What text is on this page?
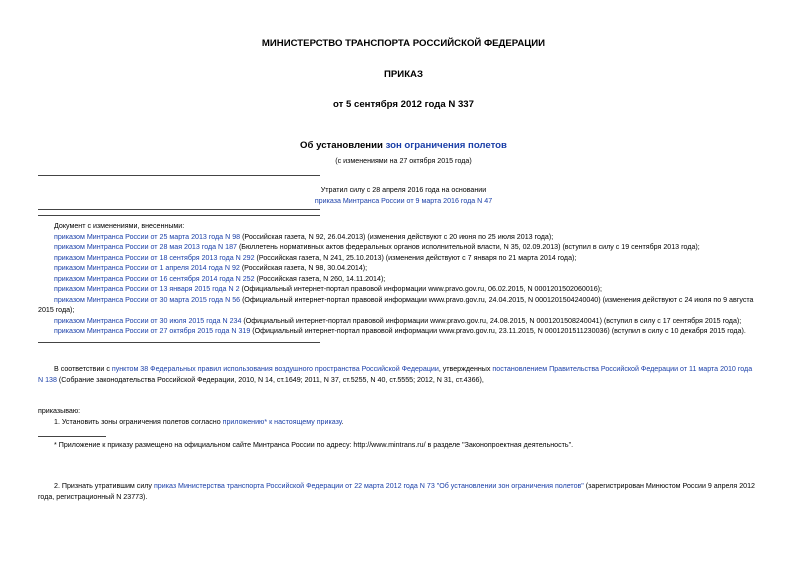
МИНИСТЕРСТВО ТРАНСПОРТА РОССИЙСКОЙ ФЕДЕРАЦИИ
ПРИКАЗ
от 5 сентября 2012 года N 337
Об установлении зон ограничения полетов
(с изменениями на 27 октября 2015 года)
Утратил силу с 28 апреля 2016 года на основании
приказа Минтранса России от 9 марта 2016 года N 47
Документ с изменениями, внесенными:
приказом Минтранса России от 25 марта 2013 года N 98 (Российская газета, N 92, 26.04.2013) (изменения действуют с 20 июня по 25 июля 2013 года);
приказом Минтранса России от 28 мая 2013 года N 187 (Бюллетень нормативных актов федеральных органов исполнительной власти, N 35, 02.09.2013) (вступил в силу с 19 сентября 2013 года);
приказом Минтранса России от 18 сентября 2013 года N 292 (Российская газета, N 241, 25.10.2013) (изменения действуют с 7 января по 21 марта 2014 года);
приказом Минтранса России от 1 апреля 2014 года N 92 (Российская газета, N 98, 30.04.2014);
приказом Минтранса России от 16 сентября 2014 года N 252 (Российская газета, N 260, 14.11.2014);
приказом Минтранса России от 13 января 2015 года N 2 (Официальный интернет-портал правовой информации www.pravo.gov.ru, 06.02.2015, N 0001201502060016);
приказом Минтранса России от 30 марта 2015 года N 56 (Официальный интернет-портал правовой информации www.pravo.gov.ru, 24.04.2015, N 0001201504240040) (изменения действуют с 24 июля по 9 августа
2015 года);
приказом Минтранса России от 30 июля 2015 года N 234 (Официальный интернет-портал правовой информации www.pravo.gov.ru, 24.08.2015, N 0001201508240041) (вступил в силу с 17 сентября 2015 года);
приказом Минтранса России от 27 октября 2015 года N 319 (Официальный интернет-портал правовой информации www.pravo.gov.ru, 23.11.2015, N 0001201511230036) (вступил в силу с 10 декабря 2015 года).
В соответствии с пунктом 38 Федеральных правил использования воздушного пространства Российской Федерации, утвержденных постановлением Правительства Российской Федерации от 11 марта 2010 года
N 138 (Собрание законодательства Российской Федерации, 2010, N 14, ст.1649; 2011, N 37, ст.5255, N 40, ст.5555; 2012, N 31, ст.4366),
приказываю:
1. Установить зоны ограничения полетов согласно приложению* к настоящему приказу.
* Приложение к приказу размещено на официальном сайте Минтранса России по адресу: http://www.mintrans.ru/ в разделе "Законопроектная деятельность".
2. Признать утратившим силу приказ Министерства транспорта Российской Федерации от 22 марта 2012 года N 73 "Об установлении зон ограничения полетов" (зарегистрирован Минюстом России 9 апреля 2012
года, регистрационный N 23773).
